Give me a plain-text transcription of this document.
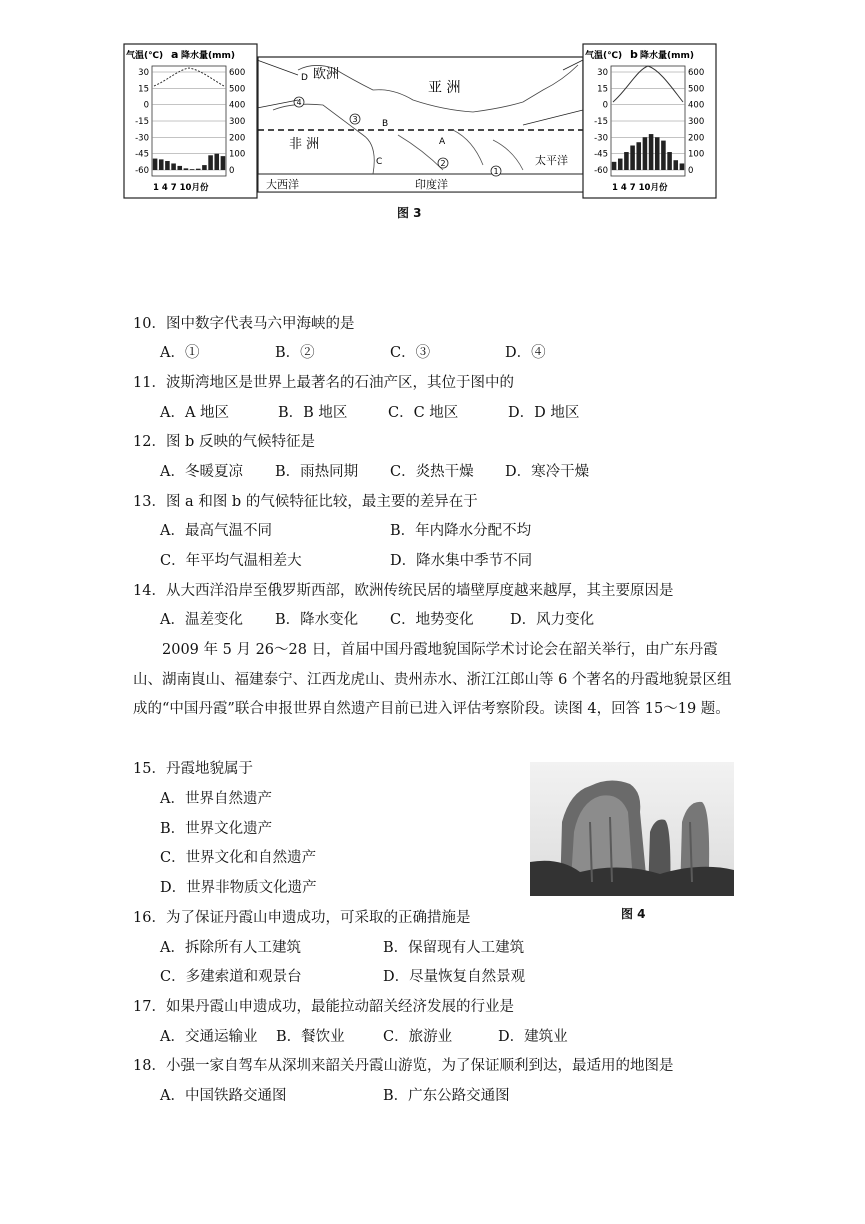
气温(℃) a 降水量(mm)
30
15
0
-15
-30
-45
-60
600
500
400
300
200
100
0
1 4 7 10月份
欧洲
亚 洲
非 洲
大西洋	印度洋
太平洋
D
B
C
A
1
2
3
4
气温(℃) b 降水量(mm)
30
15
0
-15
-30
-45
-60
600
500
400
300
200
100
0
1 4 7 10月份
图 3
10．图中数字代表马六甲海峡的是
A．①	B．②	C．③	D．④
11．波斯湾地区是世界上最著名的石油产区，其位于图中的
A．A 地区	B．B 地区	C．C 地区	D．D 地区
12．图 b 反映的气候特征是
A．冬暖夏凉 B．雨热同期 C．炎热干燥 D．寒冷干燥
13．图 a 和图 b 的气候特征比较，最主要的差异在于
A．最高气温不同	B．年内降水分配不均
C．年平均气温相差大	D．降水集中季节不同
14．从大西洋沿岸至俄罗斯西部，欧洲传统民居的墙壁厚度越来越厚，其主要原因是
A．温差变化 B．降水变化 C．地势变化	D．风力变化
2009 年 5 月 26～28 日，首届中国丹霞地貌国际学术讨论会在韶关举行，由广东丹霞山、湖南崀山、福建泰宁、江西龙虎山、贵州赤水、浙江江郎山等 6 个著名的丹霞地貌景区组成的“中国丹霞”联合申报世界自然遗产目前已进入评估考察阶段。读图 4，回答 15～19 题。
15．丹霞地貌属于
A．世界自然遗产
B．世界文化遗产
C．世界文化和自然遗产
D．世界非物质文化遗产
图 4
16．为了保证丹霞山申遗成功，可采取的正确措施是
A．拆除所有人工建筑	B．保留现有人工建筑
C．多建索道和观景台	D．尽量恢复自然景观
17．如果丹霞山申遗成功，最能拉动韶关经济发展的行业是
A．交通运输业 B．餐饮业	C．旅游业	D．建筑业
18．小强一家自驾车从深圳来韶关丹霞山游览，为了保证顺利到达，最适用的地图是
A．中国铁路交通图	B．广东公路交通图
